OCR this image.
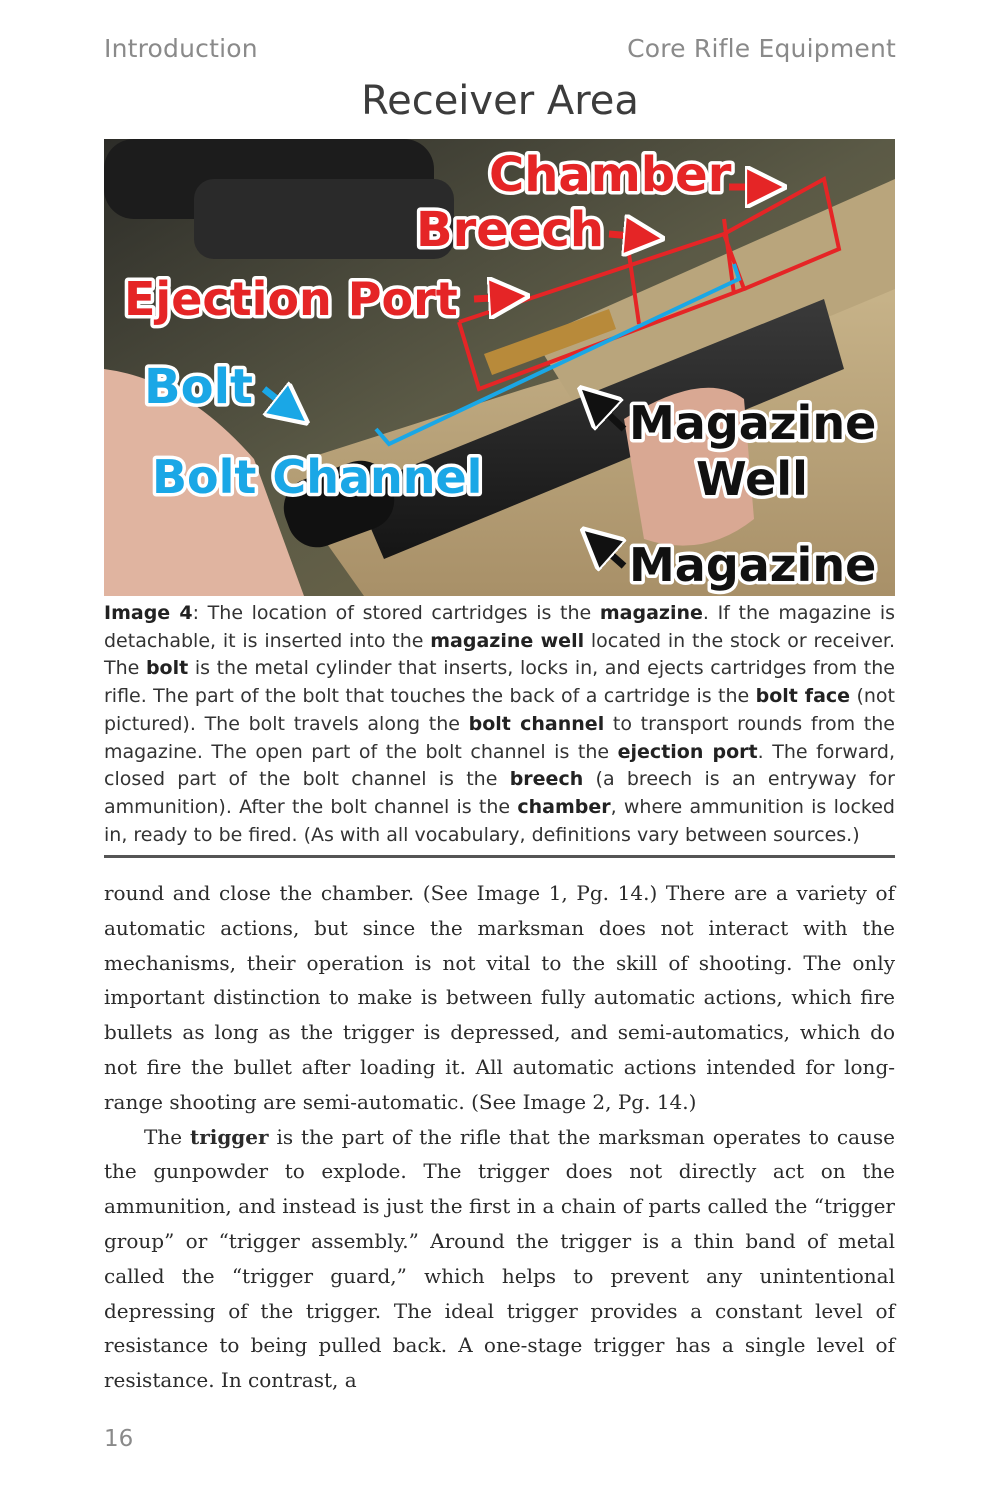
Introduction	Core Rifle Equipment
Receiver Area
Chamber
Breech
Ejection Port
Bolt
Bolt Channel
Magazine
Well
Magazine
Image 4: The location of stored cartridges is the magazine. If the magazine is detachable, it is inserted into the magazine well located in the stock or receiver. The bolt is the metal cylinder that inserts, locks in, and ejects cartridges from the rifle. The part of the bolt that touches the back of a cartridge is the bolt face (not pictured). The bolt travels along the bolt channel to transport rounds from the magazine. The open part of the bolt channel is the ejection port. The forward, closed part of the bolt channel is the breech (a breech is an entryway for ammunition). After the bolt channel is the chamber, where ammunition is locked in, ready to be fired. (As with all vocabulary, definitions vary between sources.)

round and close the chamber. (See Image 1, Pg. 14.) There are a variety of automatic actions, but since the marksman does not interact with the mechanisms, their operation is not vital to the skill of shooting. The only important distinction to make is between fully automatic actions, which fire bullets as long as the trigger is depressed, and semi-automatics, which do not fire the bullet after loading it. All automatic actions intended for long-range shooting are semi-automatic. (See Image 2, Pg. 14.)

The trigger is the part of the rifle that the marksman operates to cause the gunpowder to explode. The trigger does not directly act on the ammunition, and instead is just the first in a chain of parts called the “trigger group” or “trigger assembly.” Around the trigger is a thin band of metal called the “trigger guard,” which helps to prevent any unintentional depressing of the trigger. The ideal trigger provides a constant level of resistance to being pulled back. A one-stage trigger has a single level of resistance. In contrast, a

16
